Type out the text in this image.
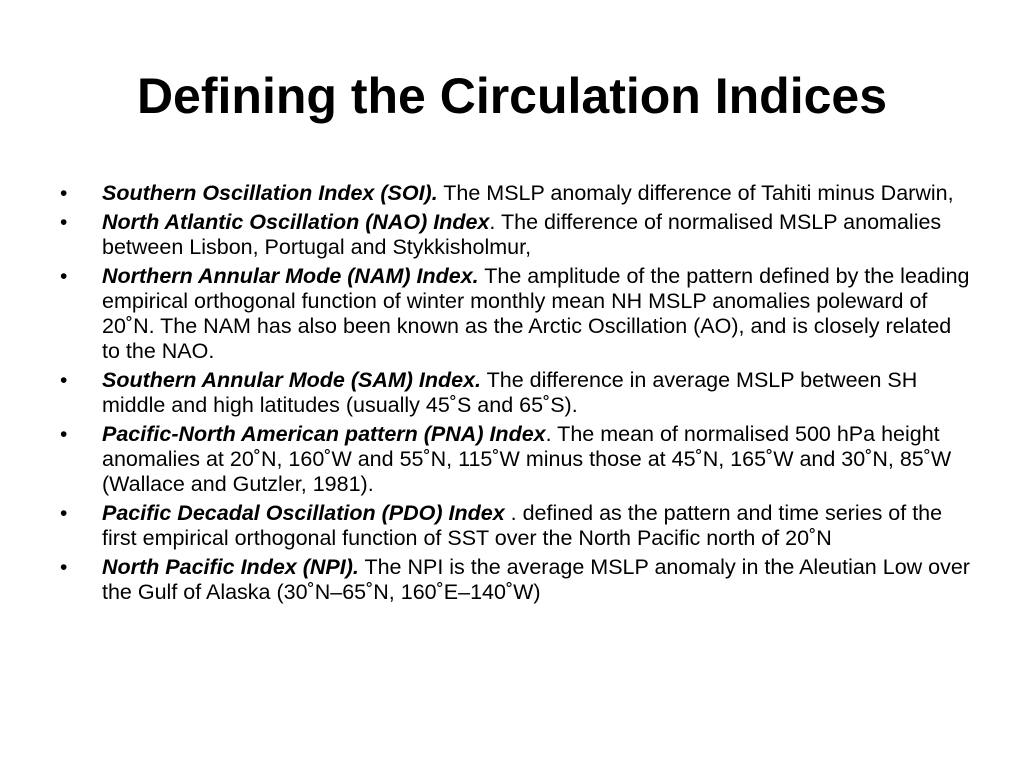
Defining the Circulation Indices
•	Southern Oscillation Index (SOI). The MSLP anomaly difference of Tahiti minus Darwin,
•	North Atlantic Oscillation (NAO) Index. The difference of normalised MSLP anomalies between Lisbon, Portugal and Stykkisholmur,
•	Northern Annular Mode (NAM) Index. The amplitude of the pattern defined by the leading empirical orthogonal function of winter monthly mean NH MSLP anomalies poleward of 20˚N. The NAM has also been known as the Arctic Oscillation (AO), and is closely related to the NAO.
•	Southern Annular Mode (SAM) Index. The difference in average MSLP between SH middle and high latitudes (usually 45˚S and 65˚S).
•	Pacific-North American pattern (PNA) Index. The mean of normalised 500 hPa height anomalies at 20˚N, 160˚W and 55˚N, 115˚W minus those at 45˚N, 165˚W and 30˚N, 85˚W (Wallace and Gutzler, 1981).
•	Pacific Decadal Oscillation (PDO) Index . defined as the pattern and time series of the first empirical orthogonal function of SST over the North Pacific north of 20˚N
•	North Pacific Index (NPI). The NPI is the average MSLP anomaly in the Aleutian Low over the Gulf of Alaska (30˚N–65˚N, 160˚E–140˚W)
